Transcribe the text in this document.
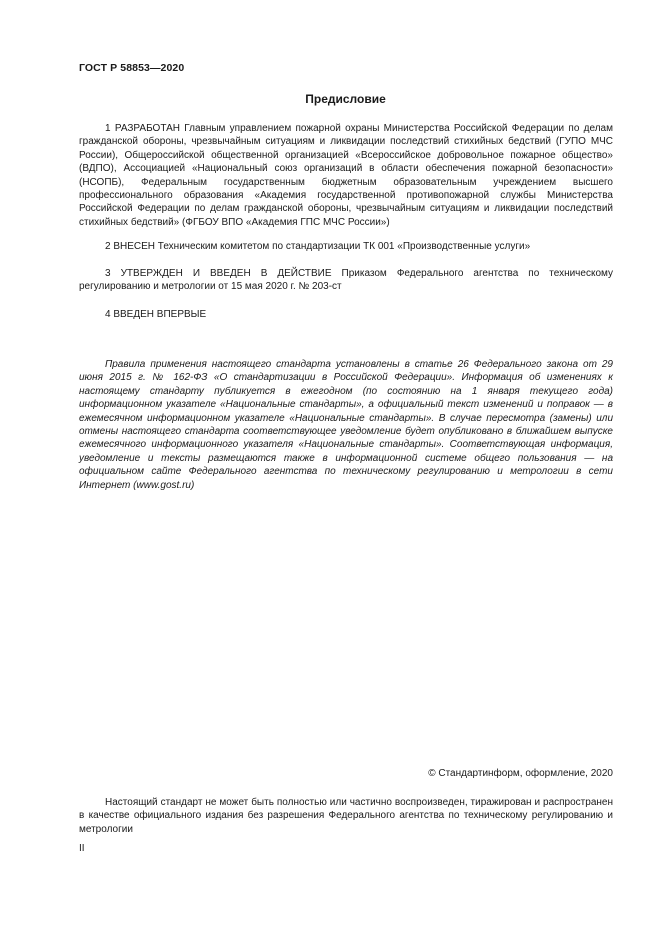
ГОСТ Р 58853—2020
Предисловие

1 РАЗРАБОТАН Главным управлением пожарной охраны Министерства Российской Федерации по делам гражданской обороны, чрезвычайным ситуациям и ликвидации последствий стихийных бедствий (ГУПО МЧС России), Общероссийской общественной организацией «Всероссийское добровольное пожарное общество» (ВДПО), Ассоциацией «Национальный союз организаций в области обеспечения пожарной безопасности» (НСОПБ), Федеральным государственным бюджетным образовательным учреждением высшего профессионального образования «Академия государственной противопожарной службы Министерства Российской Федерации по делам гражданской обороны, чрезвычайным ситуациям и ликвидации последствий стихийных бедствий» (ФГБОУ ВПО «Академия ГПС МЧС России»)

2 ВНЕСЕН Техническим комитетом по стандартизации ТК 001 «Производственные услуги»

3 УТВЕРЖДЕН И ВВЕДЕН В ДЕЙСТВИЕ Приказом Федерального агентства по техническому регулированию и метрологии от 15 мая 2020 г. № 203-ст

4 ВВЕДЕН ВПЕРВЫЕ

Правила применения настоящего стандарта установлены в статье 26 Федерального закона от 29 июня 2015 г. № 162-ФЗ «О стандартизации в Российской Федерации». Информация об изменениях к настоящему стандарту публикуется в ежегодном (по состоянию на 1 января текущего года) информационном указателе «Национальные стандарты», а официальный текст изменений и поправок — в ежемесячном информационном указателе «Национальные стандарты». В случае пересмотра (замены) или отмены настоящего стандарта соответствующее уведомление будет опубликовано в ближайшем выпуске ежемесячного информационного указателя «Национальные стандарты». Соответствующая информация, уведомление и тексты размещаются также в информационной системе общего пользования — на официальном сайте Федерального агентства по техническому регулированию и метрологии в сети Интернет (www.gost.ru)

© Стандартинформ, оформление, 2020

Настоящий стандарт не может быть полностью или частично воспроизведен, тиражирован и распространен в качестве официального издания без разрешения Федерального агентства по техническому регулированию и метрологии

II
